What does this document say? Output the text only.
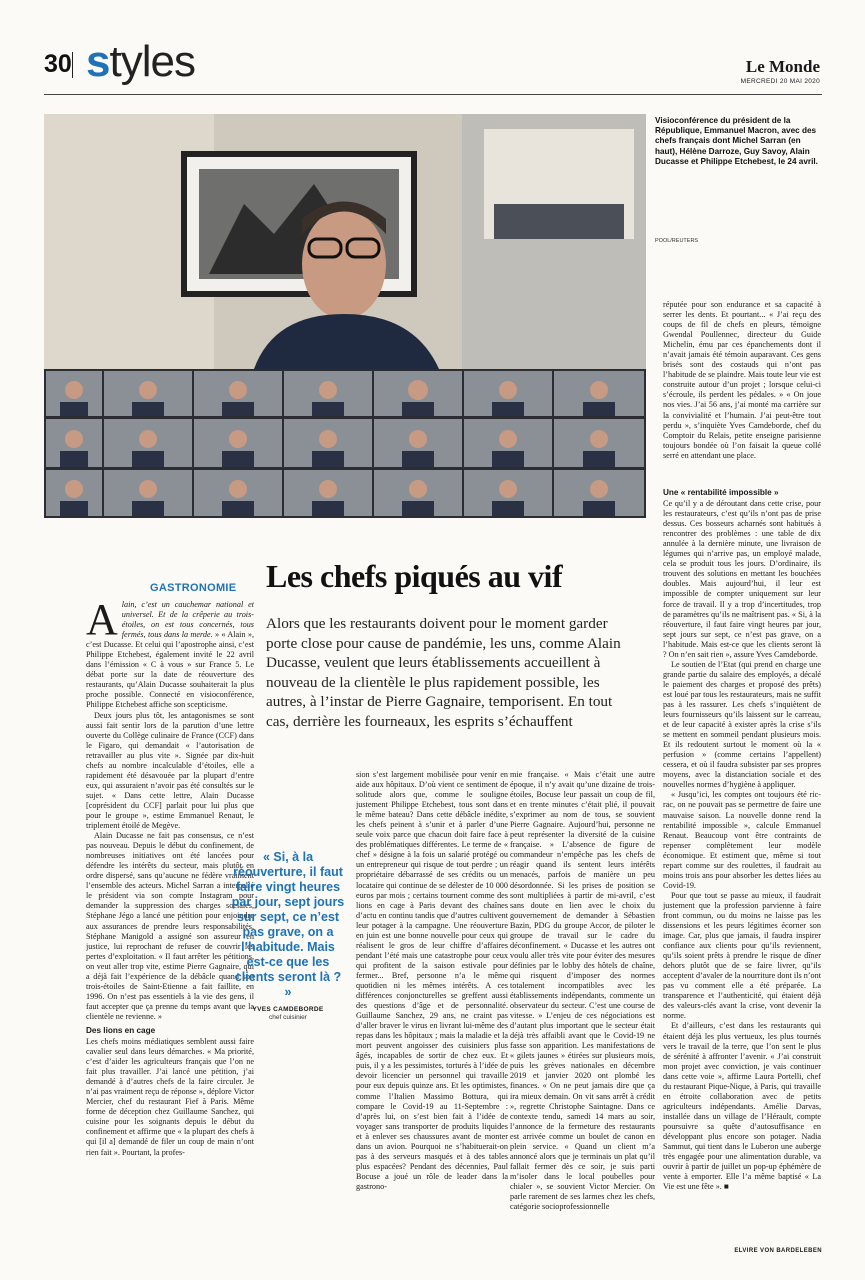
30 styles	Le Monde
MERCREDI 20 MAI 2020
Visioconférence du président de la République, Emmanuel Macron, avec des chefs français dont Michel Sarran (en haut), Hélène Darroze, Guy Savoy, Alain Ducasse et Philippe Etchebest, le 24 avril.
POOL/REUTERS
GASTRONOMIE Les chefs piqués au vif
Alors que les restaurants doivent pour le moment garder porte close pour cause de pandémie, les uns, comme Alain Ducasse, veulent que leurs établissements accueillent à nouveau de la clientèle le plus rapidement possible, les autres, à l’instar de Pierre Gagnaire, temporisent. En tout cas, derrière les fourneaux, les esprits s’échauffent

Alain, c’est un cauchemar national et universel. Et de la crêperie au trois-étoiles, on est tous concernés, tous fermés, tous dans la merde. » « Alain », c’est Ducasse. Et celui qui l’apostrophe ainsi, c’est Philippe Etchebest, également invité le 22 avril dans l’émission « C à vous » sur France 5. Le débat porte sur la date de réouverture des restaurants, qu’Alain Ducasse souhaiterait la plus proche possible. Connecté en visioconférence, Philippe Etchebest affiche son scepticisme.

Deux jours plus tôt, les antagonismes se sont aussi fait sentir lors de la parution d’une lettre ouverte du Collège culinaire de France (CCF) dans le Figaro, qui demandait « l’autorisation de retravailler au plus vite ». Signée par dix-huit chefs au nombre incalculable d’étoiles, elle a rapidement été désavouée par la plupart d’entre eux, qui assuraient n’avoir pas été consultés sur le sujet. « Dans cette lettre, Alain Ducasse [coprésident du CCF] parlait pour lui plus que pour le groupe », estime Emmanuel Renaut, le triplement étoilé de Megève.

Alain Ducasse ne fait pas consensus, ce n’est pas nouveau. Depuis le début du confinement, de nombreuses initiatives ont été lancées pour défendre les intérêts du secteur, mais plutôt en ordre dispersé, sans qu’aucune ne fédère vraiment l’ensemble des acteurs. Michel Sarran a interpellé le président via son compte Instagram pour demander la suppression des charges sociales, Stéphane Jégo a lancé une pétition pour enjoindre aux assurances de prendre leurs responsabilités, Stéphane Manigold a assigné son assureur en justice, lui reprochant de refuser de couvrir les pertes d’exploitation. « Il faut arrêter les pétitions, on veut aller trop vite, estime Pierre Gagnaire, qui a déjà fait l’expérience de la débâcle quand son trois-étoiles de Saint-Etienne a fait faillite, en 1996. On n’est pas essentiels à la vie des gens, il faut accepter que ça prenne du temps avant que la clientèle ne revienne. »

Des lions en cage

Les chefs moins médiatiques semblent aussi faire cavalier seul dans leurs démarches. « Ma priorité, c’est d’aider les agriculteurs français que l’on ne fait plus travailler. J’ai lancé une pétition, j’ai demandé à d’autres chefs de la faire circuler. Je n’ai pas vraiment reçu de réponse », déplore Victor Mercier, chef du restaurant Fief à Paris. Même forme de déception chez Guillaume Sanchez, qui cuisine pour les soignants depuis le début du confinement et affirme que « la plupart des chefs à qui [il a] demandé de filer un coup de main n’ont rien fait ». Pourtant, la profes-

« Si, à la réouverture, il faut faire vingt heures par jour, sept jours sur sept, ce n’est pas grave, on a l’habitude. Mais est-ce que les clients seront là ? »
YVES CAMDEBORDE
chef cuisinier

sion s’est largement mobilisée pour venir en aide aux hôpitaux. D’où vient ce sentiment de solitude alors que, comme le souligne justement Philippe Etchebest, tous sont dans le même bateau? Dans cette débâcle inédite, les chefs peinent à s’unir et à parler d’une seule voix parce que chacun doit faire face à des problématiques différentes. Le terme de « chef » désigne à la fois un salarié protégé ou un entrepreneur qui risque de tout perdre ; un propriétaire débarrassé de ses crédits ou un locataire qui continue de se délester de 10 000 euros par mois ; certains tournent comme des lions en cage à Paris devant des chaînes d’actu en continu tandis que d’autres cultivent leur potager à la campagne. Une réouverture en juin est une bonne nouvelle pour ceux qui réalisent le gros de leur chiffre d’affaires pendant l’été mais une catastrophe pour ceux qui profitent de la saison estivale pour fermer... Bref, personne n’a le même quotidien ni les mêmes intérêts. A ces différences conjoncturelles se greffent aussi des questions d’âge et de personnalité. Guillaume Sanchez, 29 ans, ne craint pas d’aller braver le virus en livrant lui-même des repas dans les hôpitaux ; mais la maladie et la mort peuvent angoisser des cuisiniers plus âgés, incapables de sortir de chez eux. Et puis, il y a les pessimistes, torturés à l’idée de devoir licencier un personnel qui travaille pour eux depuis quinze ans. Et les optimistes, comme l’Italien Massimo Bottura, qui compare le Covid-19 au 11-Septembre : d’après lui, on s’est bien fait à l’idée de voyager sans transporter de produits liquides et à enlever ses chaussures avant de monter dans un avion. Pourquoi ne s’habituerait-on pas à des serveurs masqués et à des tables plus espacées? Pendant des décennies, Paul Bocuse a joué un rôle de leader dans la gastrono-

mie française. « Mais c’était une autre époque, il n’y avait qu’une dizaine de trois-étoiles, Bocuse leur passait un coup de fil, et en trente minutes c’était plié, il pouvait s’exprimer au nom de tous, se souvient Pierre Gagnaire. Aujourd’hui, personne ne peut représenter la diversité de la cuisine française. » L’absence de figure de commandeur n’empêche pas les chefs de réagir quand ils sentent leurs intérêts menacés, parfois de manière un peu désordonnée. Si les prises de position se sont multipliées à partir de mi-avril, c’est sans doute en lien avec le choix du gouvernement de demander à Sébastien Bazin, PDG du groupe Accor, de piloter le groupe de travail sur le cadre du déconfinement. « Ducasse et les autres ont voulu aller très vite pour éviter des mesures définies par le lobby des hôtels de chaîne, qui risquent d’imposer des normes totalement incompatibles avec les établissements indépendants, commente un observateur du secteur. C’est une course de vitesse. » L’enjeu de ces négociations est d’autant plus important que le secteur était déjà très affaibli avant que le Covid-19 ne fasse son apparition. Les manifestations de « gilets jaunes » étirées sur plusieurs mois, puis les grèves nationales en décembre 2019 et janvier 2020 ont plombé les finances. « On ne peut jamais dire que ça ira mieux demain. On vit sans arrêt à crédit », regrette Christophe Saintagne. Dans ce contexte tendu, samedi 14 mars au soir, l’annonce de la fermeture des restaurants est arrivée comme un boulet de canon en plein service. « Quand un client m’a annoncé alors que je terminais un plat qu’il fallait fermer dès ce soir, je suis parti m’isoler dans le local poubelles pour chialer », se souvient Victor Mercier. On parle rarement de ses larmes chez les chefs, catégorie socioprofessionnelle

réputée pour son endurance et sa capacité à serrer les dents. Et pourtant... « J’ai reçu des coups de fil de chefs en pleurs, témoigne Gwendal Poullennec, directeur du Guide Michelin, ému par ces épanchements dont il n’avait jamais été témoin auparavant. Ces gens brisés sont des costauds qui n’ont pas l’habitude de se plaindre. Mais toute leur vie est construite autour d’un projet ; lorsque celui-ci s’écroule, ils perdent les pédales. » « On joue nos vies. J’ai 56 ans, j’ai monté ma carrière sur la convivialité et l’humain. J’ai peut-être tout perdu », s’inquiète Yves Camdeborde, chef du Comptoir du Relais, petite enseigne parisienne toujours bondée où l’on faisait la queue collé serré en attendant une place.

Une « rentabilité impossible »

Ce qu’il y a de déroutant dans cette crise, pour les restaurateurs, c’est qu’ils n’ont pas de prise dessus. Ces bosseurs acharnés sont habitués à rencontrer des problèmes : une table de dix annulée à la dernière minute, une livraison de légumes qui n’arrive pas, un employé malade, cela se produit tous les jours. D’ordinaire, ils trouvent des solutions en mettant les bouchées doubles. Mais aujourd’hui, il leur est impossible de compter uniquement sur leur force de travail. Il y a trop d’incertitudes, trop de paramètres qu’ils ne maîtrisent pas. « Si, à la réouverture, il faut faire vingt heures par jour, sept jours sur sept, ce n’est pas grave, on a l’habitude. Mais est-ce que les clients seront là ? On n’en sait rien », assure Yves Camdeborde.

Le soutien de l’Etat (qui prend en charge une grande partie du salaire des employés, a décalé le paiement des charges et proposé des prêts) est loué par tous les restaurateurs, mais ne suffit pas à les rassurer. Les chefs s’inquiètent de leurs fournisseurs qu’ils laissent sur le carreau, et de leur capacité à exister après la crise s’ils se mettent en sommeil pendant plusieurs mois. Et ils redoutent surtout le moment où la « perfusion » (comme certains l’appellent) cessera, et où il faudra subsister par ses propres moyens, avec la distanciation sociale et des nouvelles normes d’hygiène à appliquer.

« Jusqu’ici, les comptes ont toujours été ric-rac, on ne pouvait pas se permettre de faire une mauvaise saison. La nouvelle donne rend la rentabilité impossible », calcule Emmanuel Renaut. Beaucoup vont être contraints de repenser complètement leur modèle économique. Et estiment que, même si tout repart comme sur des roulettes, il faudrait au moins trois ans pour absorber les dettes liées au Covid-19.

Pour que tout se passe au mieux, il faudrait justement que la profession parvienne à faire front commun, ou du moins ne laisse pas les dissensions et les peurs légitimes écorner son image. Car, plus que jamais, il faudra inspirer confiance aux clients pour qu’ils reviennent, qu’ils soient prêts à prendre le risque de dîner dehors plutôt que de se faire livrer, qu’ils acceptent d’avaler de la nourriture dont ils n’ont pas vu comment elle a été préparée. La transparence et l’authenticité, qui étaient déjà des valeurs-clés avant la crise, vont devenir la norme.

Et d’ailleurs, c’est dans les restaurants qui étaient déjà les plus vertueux, les plus tournés vers le travail de la terre, que l’on sent le plus de sérénité à affronter l’avenir. « J’ai construit mon projet avec conviction, je vais continuer dans cette voie », affirme Laura Portelli, chef du restaurant Pique-Nique, à Paris, qui travaille en étroite collaboration avec de petits agriculteurs indépendants. Amélie Darvas, installée dans un village de l’Hérault, compte poursuivre sa quête d’autosuffisance en développant plus encore son potager. Nadia Sammut, qui tient dans le Luberon une auberge très engagée pour une alimentation durable, va ouvrir à partir de juillet un pop-up éphémère de vente à emporter. Elle l’a même baptisé « La Vie est une fête ». ■

ELVIRE VON BARDELEBEN
